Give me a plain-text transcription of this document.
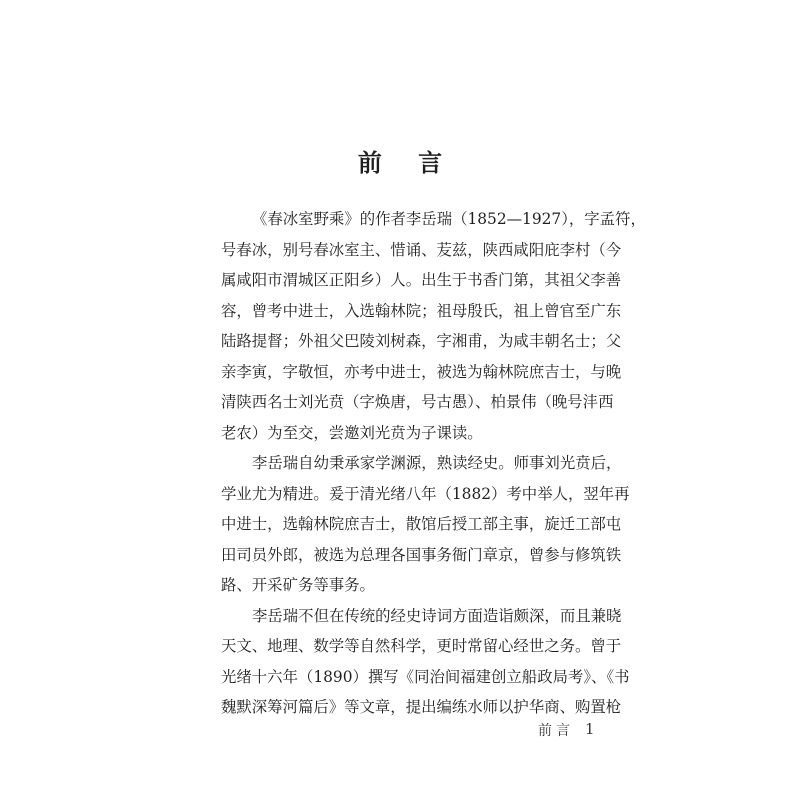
前 言

《春冰室野乘》的作者李岳瑞（1852—1927），字孟符，
号春冰，别号春冰室主、惜诵、苃兹，陕西咸阳庇李村（今
属咸阳市渭城区正阳乡）人。出生于书香门第，其祖父李善
容，曾考中进士，入选翰林院；祖母殷氏，祖上曾官至广东
陆路提督；外祖父巴陵刘树森，字湘甫，为咸丰朝名士；父
亲李寅，字敬恒，亦考中进士，被选为翰林院庶吉士，与晚
清陕西名士刘光贲（字焕唐，号古愚）、柏景伟（晚号沣西
老农）为至交，尝邀刘光贲为子课读。

李岳瑞自幼秉承家学渊源，熟读经史。师事刘光贲后，
学业尤为精进。爰于清光绪八年（1882）考中举人，翌年再
中进士，选翰林院庶吉士，散馆后授工部主事，旋迁工部屯
田司员外郎，被选为总理各国事务衙门章京，曾参与修筑铁
路、开采矿务等事务。

李岳瑞不但在传统的经史诗词方面造诣颇深，而且兼晓
天文、地理、数学等自然科学，更时常留心经世之务。曾于
光绪十六年（1890）撰写《同治间福建创立船政局考》、《书
魏默深筹河篇后》等文章，提出编练水师以护华商、购置枪

前言 1
